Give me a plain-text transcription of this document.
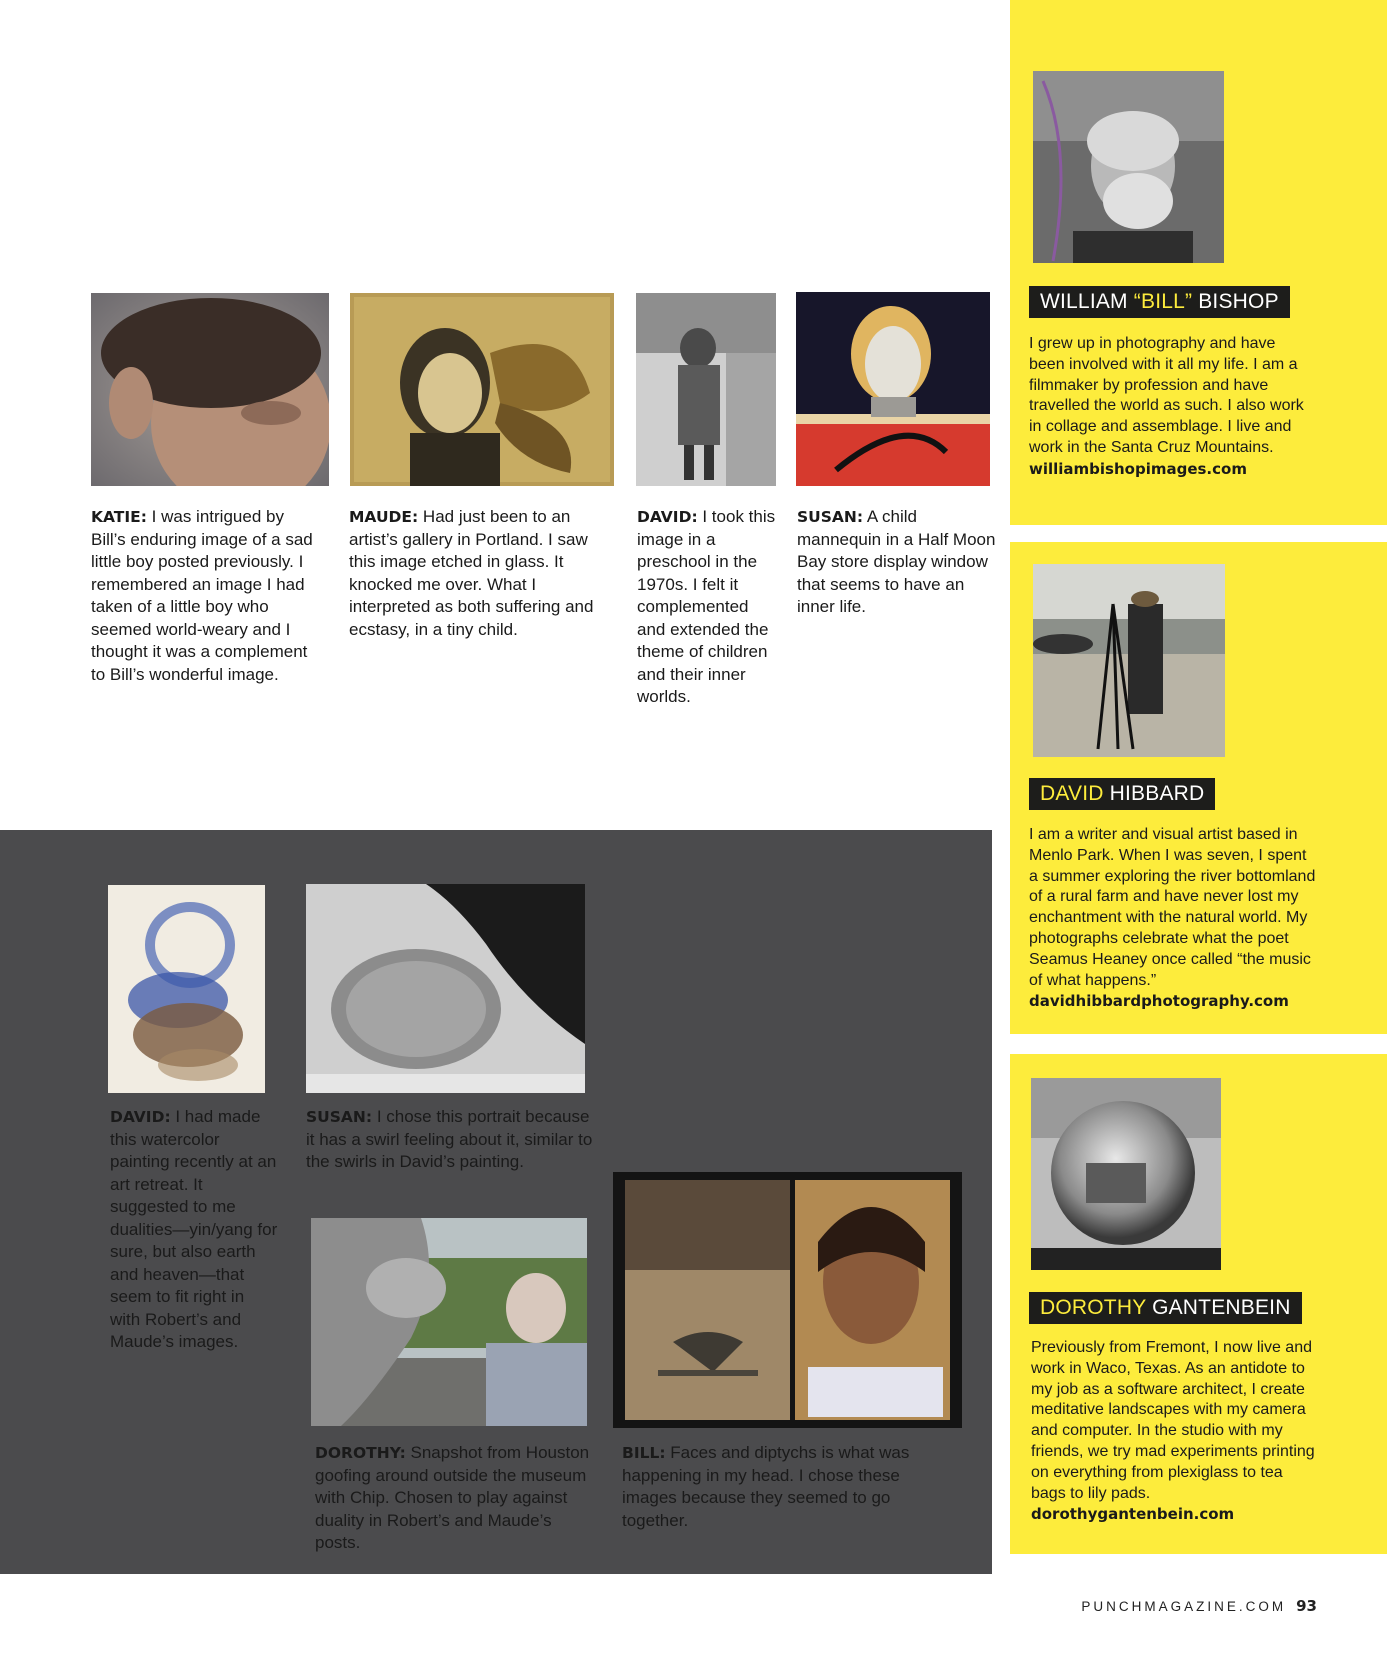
KATIE: I was intrigued by Bill’s enduring image of a sad little boy posted previously. I remembered an image I had taken of a little boy who seemed world-weary and I thought it was a complement to Bill’s wonderful image.

MAUDE: Had just been to an artist’s gallery in Portland. I saw this image etched in glass. It knocked me over. What I interpreted as both suffering and ecstasy, in a tiny child.

DAVID: I took this image in a preschool in the 1970s. I felt it complemented and extended the theme of children and their inner worlds.

SUSAN: A child mannequin in a Half Moon Bay store display window that seems to have an inner life.

DAVID: I had made this watercolor painting recently at an art retreat. It suggested to me dualities—yin/yang for sure, but also earth and heaven—that seem to fit right in with Robert’s and Maude’s images.

SUSAN: I chose this portrait because it has a swirl feeling about it, similar to the swirls in David’s painting.

DOROTHY: Snapshot from Houston goofing around outside the museum with Chip. Chosen to play against duality in Robert’s and Maude’s posts.

BILL: Faces and diptychs is what was happening in my head. I chose these images because they seemed to go together.

WILLIAM “BILL” BISHOP

I grew up in photography and have been involved with it all my life. I am a filmmaker by profession and have travelled the world as such. I also work in collage and assemblage. I live and work in the Santa Cruz Mountains.
williambishopimages.com

DAVID HIBBARD

I am a writer and visual artist based in Menlo Park. When I was seven, I spent a summer exploring the river bottomland of a rural farm and have never lost my enchantment with the natural world. My photographs celebrate what the poet Seamus Heaney once called “the music of what happens.”
davidhibbardphotography.com

DOROTHY GANTENBEIN

Previously from Fremont, I now live and work in Waco, Texas. As an antidote to my job as a software architect, I create meditative landscapes with my camera and computer. In the studio with my friends, we try mad experiments printing on everything from plexiglass to tea bags to lily pads. dorothygantenbein.com

PUNCHMAGAZINE.COM 93
